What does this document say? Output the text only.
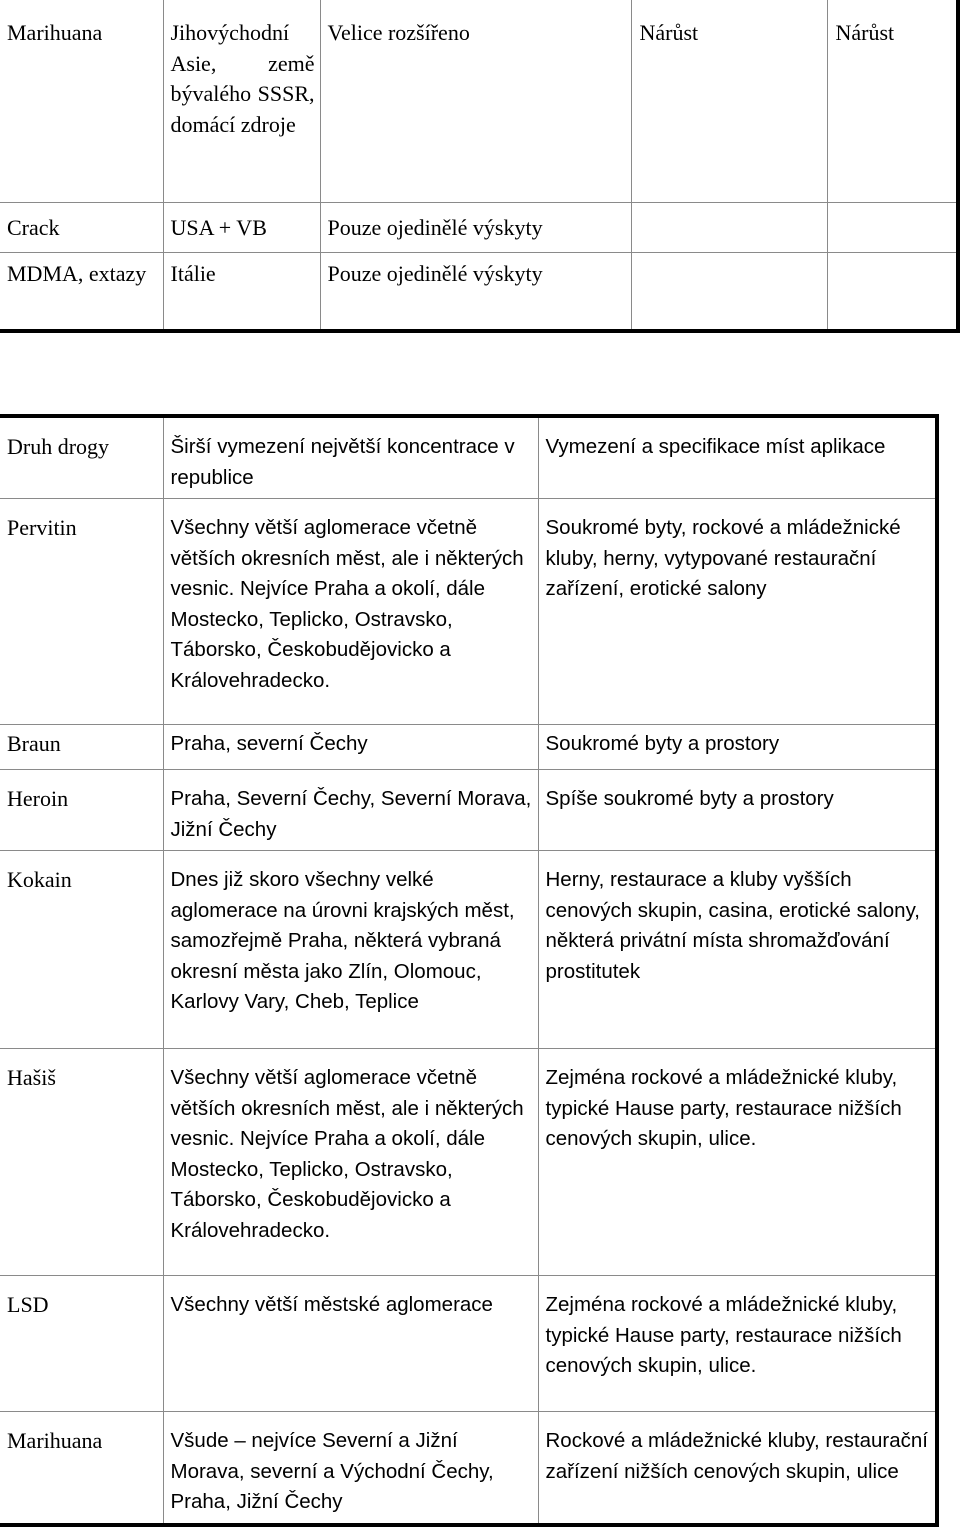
Marihuana	Jihovýchodní Asie, země bývalého SSSR, domácí zdroje	Velice rozšířeno	Nárůst	Nárůst
Crack	USA + VB	Pouze ojedinělé výskyty		
MDMA, extazy	Itálie	Pouze ojedinělé výskyty		
Druh drogy	Širší vymezení největší koncentrace v republice	Vymezení a specifikace míst aplikace
Pervitin	Všechny větší aglomerace včetně větších okresních měst, ale i některých vesnic. Nejvíce Praha a okolí, dále Mostecko, Teplicko, Ostravsko, Táborsko, Českobudějovicko a Královehradecko.	Soukromé byty, rockové a mládežnické kluby, herny, vytypované restaurační zařízení, erotické salony
Braun	Praha, severní Čechy	Soukromé byty a prostory
Heroin	Praha, Severní Čechy, Severní Morava, Jižní Čechy	Spíše soukromé byty a prostory
Kokain	Dnes již skoro všechny velké aglomerace na úrovni krajských měst, samozřejmě Praha, některá vybraná okresní města jako Zlín, Olomouc, Karlovy Vary, Cheb, Teplice	Herny, restaurace a kluby vyšších cenových skupin, casina, erotické salony, některá privátní místa shromažďování prostitutek
Hašiš	Všechny větší aglomerace včetně větších okresních měst, ale i některých vesnic. Nejvíce Praha a okolí, dále Mostecko, Teplicko, Ostravsko, Táborsko, Českobudějovicko a Královehradecko.	Zejména rockové a mládežnické kluby, typické Hause party, restaurace nižších cenových skupin, ulice.
LSD	Všechny větší městské aglomerace	Zejména rockové a mládežnické kluby, typické Hause party, restaurace nižších cenových skupin, ulice.
Marihuana	Všude – nejvíce Severní a Jižní Morava, severní a Východní Čechy, Praha, Jižní Čechy	Rockové a mládežnické kluby, restaurační zařízení nižších cenových skupin, ulice
